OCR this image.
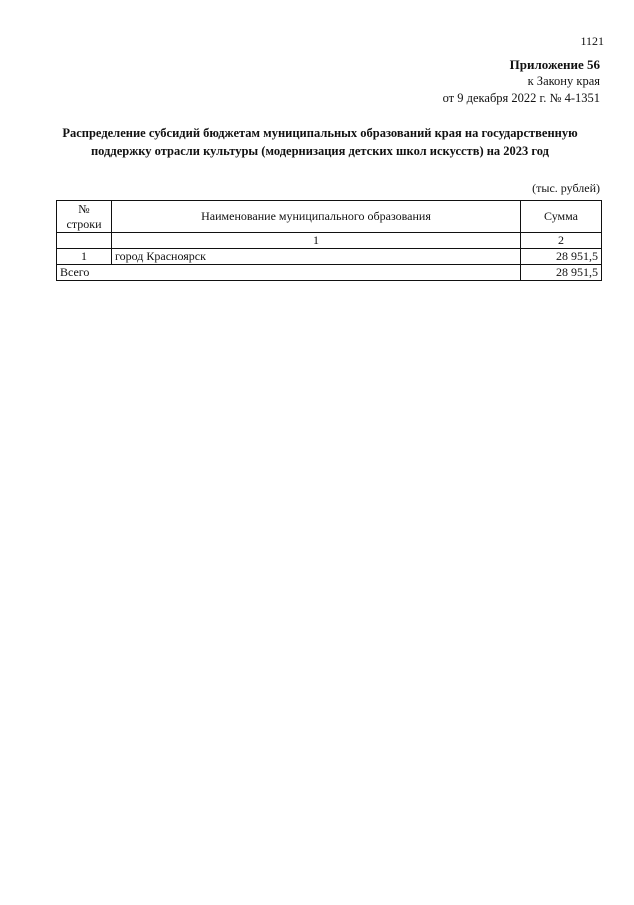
1121
Приложение 56
к Закону края
от 9 декабря 2022 г. № 4-1351
Распределение субсидий бюджетам муниципальных образований края на государственную
поддержку отрасли культуры (модернизация детских школ искусств) на 2023 год
(тыс. рублей)
№
строки	Наименование муниципального образования	Сумма
	1	2
1	город Красноярск	28 951,5
Всего		28 951,5
